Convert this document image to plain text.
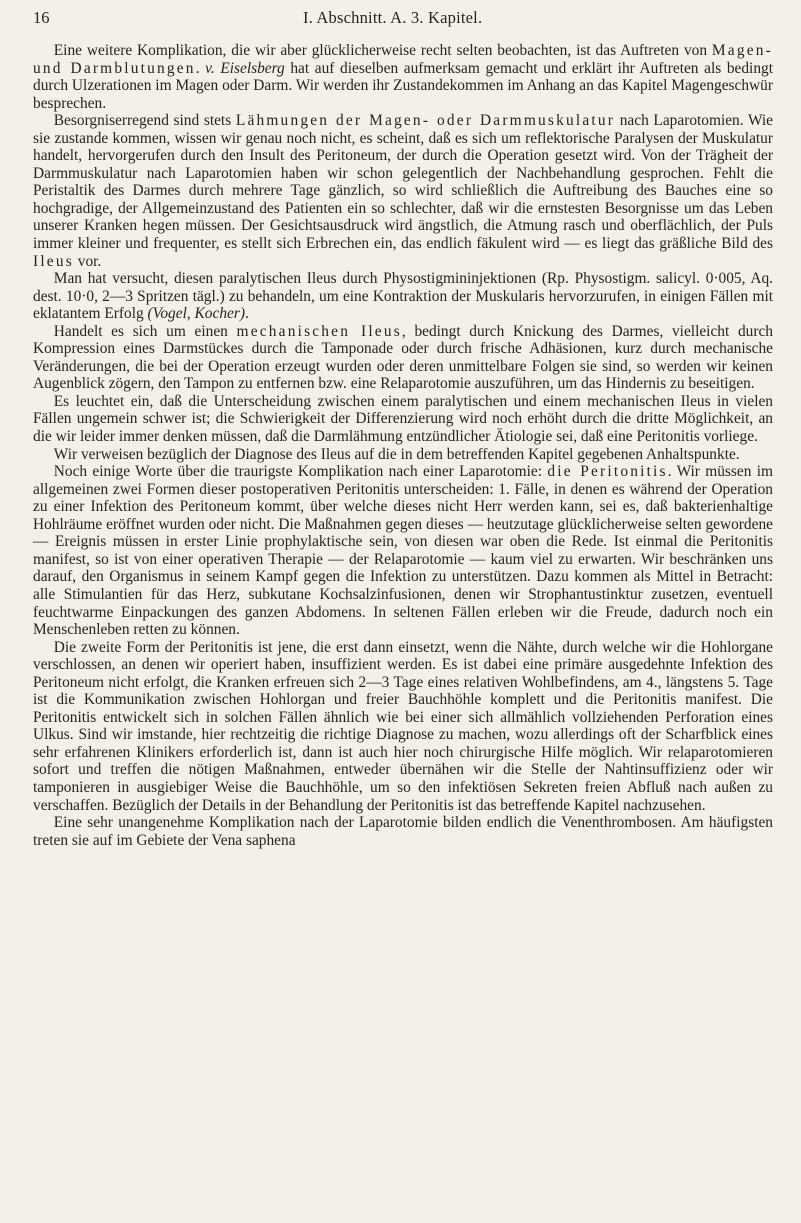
16	I. Abschnitt. A. 3. Kapitel.

Eine weitere Komplikation, die wir aber glücklicherweise recht selten beobachten, ist das Auftreten von Magen- und Darmblutungen. v. Eiselsberg hat auf dieselben aufmerksam gemacht und erklärt ihr Auftreten als bedingt durch Ulzerationen im Magen oder Darm. Wir werden ihr Zustandekommen im Anhang an das Kapitel Magengeschwür besprechen.

Besorgniserregend sind stets Lähmungen der Magen- oder Darmmuskulatur nach Laparotomien. Wie sie zustande kommen, wissen wir genau noch nicht, es scheint, daß es sich um reflektorische Paralysen der Muskulatur handelt, hervorgerufen durch den Insult des Peritoneum, der durch die Operation gesetzt wird. Von der Trägheit der Darmmuskulatur nach Laparotomien haben wir schon gelegentlich der Nachbehandlung gesprochen. Fehlt die Peristaltik des Darmes durch mehrere Tage gänzlich, so wird schließlich die Auftreibung des Bauches eine so hochgradige, der Allgemeinzustand des Patienten ein so schlechter, daß wir die ernstesten Besorgnisse um das Leben unserer Kranken hegen müssen. Der Gesichtsausdruck wird ängstlich, die Atmung rasch und oberflächlich, der Puls immer kleiner und frequenter, es stellt sich Erbrechen ein, das endlich fäkulent wird — es liegt das gräßliche Bild des Ileus vor.

Man hat versucht, diesen paralytischen Ileus durch Physostigmininjektionen (Rp. Physostigm. salicyl. 0·005, Aq. dest. 10·0, 2—3 Spritzen tägl.) zu behandeln, um eine Kontraktion der Muskularis hervorzurufen, in einigen Fällen mit eklatantem Erfolg (Vogel, Kocher).

Handelt es sich um einen mechanischen Ileus, bedingt durch Knickung des Darmes, vielleicht durch Kompression eines Darmstückes durch die Tamponade oder durch frische Adhäsionen, kurz durch mechanische Veränderungen, die bei der Operation erzeugt wurden oder deren unmittelbare Folgen sie sind, so werden wir keinen Augenblick zögern, den Tampon zu entfernen bzw. eine Relaparotomie auszuführen, um das Hindernis zu beseitigen.

Es leuchtet ein, daß die Unterscheidung zwischen einem paralytischen und einem mechanischen Ileus in vielen Fällen ungemein schwer ist; die Schwierigkeit der Differenzierung wird noch erhöht durch die dritte Möglichkeit, an die wir leider immer denken müssen, daß die Darmlähmung entzündlicher Ätiologie sei, daß eine Peritonitis vorliege.

Wir verweisen bezüglich der Diagnose des Ileus auf die in dem betreffenden Kapitel gegebenen Anhaltspunkte.

Noch einige Worte über die traurigste Komplikation nach einer Laparotomie: die Peritonitis. Wir müssen im allgemeinen zwei Formen dieser postoperativen Peritonitis unterscheiden: 1. Fälle, in denen es während der Operation zu einer Infektion des Peritoneum kommt, über welche dieses nicht Herr werden kann, sei es, daß bakterienhaltige Hohlräume eröffnet wurden oder nicht. Die Maßnahmen gegen dieses — heutzutage glücklicherweise selten gewordene — Ereignis müssen in erster Linie prophylaktische sein, von diesen war oben die Rede. Ist einmal die Peritonitis manifest, so ist von einer operativen Therapie — der Relaparotomie — kaum viel zu erwarten. Wir beschränken uns darauf, den Organismus in seinem Kampf gegen die Infektion zu unterstützen. Dazu kommen als Mittel in Betracht: alle Stimulantien für das Herz, subkutane Kochsalzinfusionen, denen wir Strophantustinktur zusetzen, eventuell feuchtwarme Einpackungen des ganzen Abdomens. In seltenen Fällen erleben wir die Freude, dadurch noch ein Menschenleben retten zu können.

Die zweite Form der Peritonitis ist jene, die erst dann einsetzt, wenn die Nähte, durch welche wir die Hohlorgane verschlossen, an denen wir operiert haben, insuffizient werden. Es ist dabei eine primäre ausgedehnte Infektion des Peritoneum nicht erfolgt, die Kranken erfreuen sich 2—3 Tage eines relativen Wohlbefindens, am 4., längstens 5. Tage ist die Kommunikation zwischen Hohlorgan und freier Bauchhöhle komplett und die Peritonitis manifest. Die Peritonitis entwickelt sich in solchen Fällen ähnlich wie bei einer sich allmählich vollziehenden Perforation eines Ulkus. Sind wir imstande, hier rechtzeitig die richtige Diagnose zu machen, wozu allerdings oft der Scharfblick eines sehr erfahrenen Klinikers erforderlich ist, dann ist auch hier noch chirurgische Hilfe möglich. Wir relaparotomieren sofort und treffen die nötigen Maßnahmen, entweder übernähen wir die Stelle der Nahtinsuffizienz oder wir tamponieren in ausgiebiger Weise die Bauchhöhle, um so den infektiösen Sekreten freien Abfluß nach außen zu verschaffen. Bezüglich der Details in der Behandlung der Peritonitis ist das betreffende Kapitel nachzusehen.

Eine sehr unangenehme Komplikation nach der Laparotomie bilden endlich die Venenthrombosen. Am häufigsten treten sie auf im Gebiete der Vena saphena
